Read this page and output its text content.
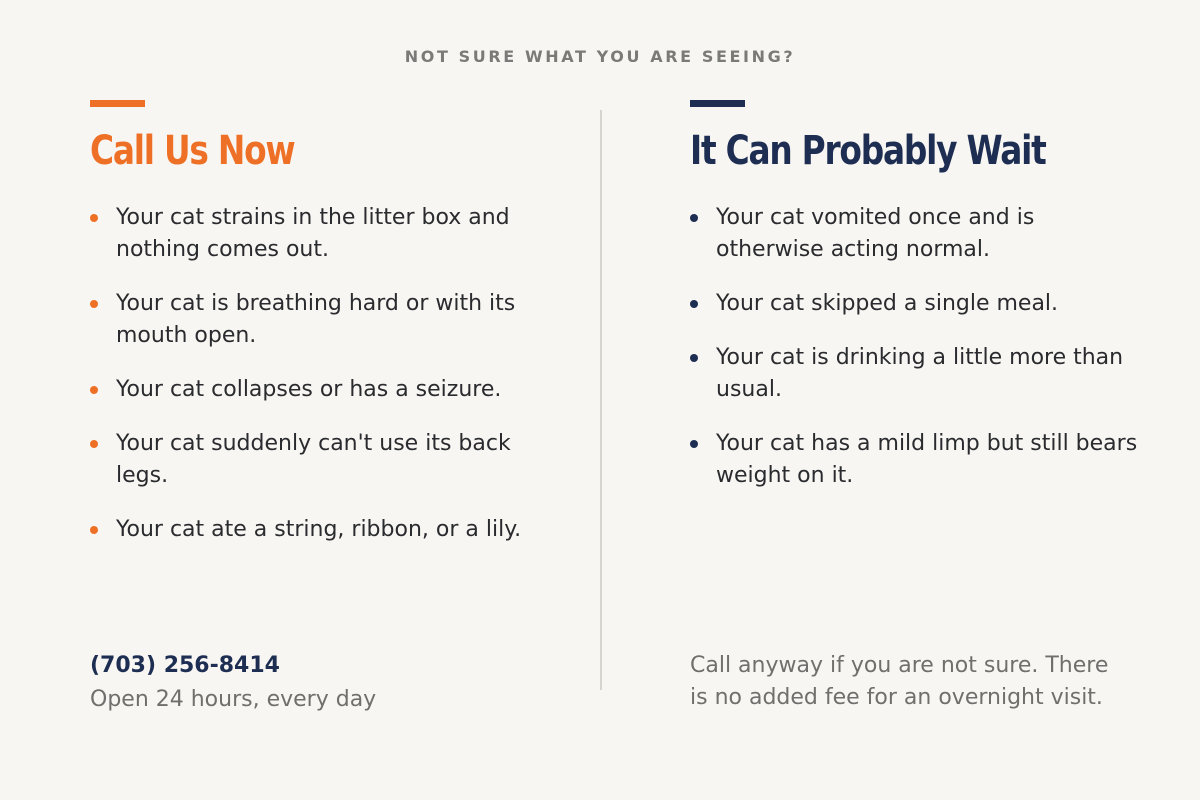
NOT SURE WHAT YOU ARE SEEING?
Call Us Now
Your cat strains in the litter box and nothing comes out.
Your cat is breathing hard or with its mouth open.
Your cat collapses or has a seizure.
Your cat suddenly can't use its back legs.
Your cat ate a string, ribbon, or a lily.
It Can Probably Wait
Your cat vomited once and is otherwise acting normal.
Your cat skipped a single meal.
Your cat is drinking a little more than usual.
Your cat has a mild limp but still bears weight on it.
(703) 256-8414
Open 24 hours, every day
Call anyway if you are not sure. There is no added fee for an overnight visit.
